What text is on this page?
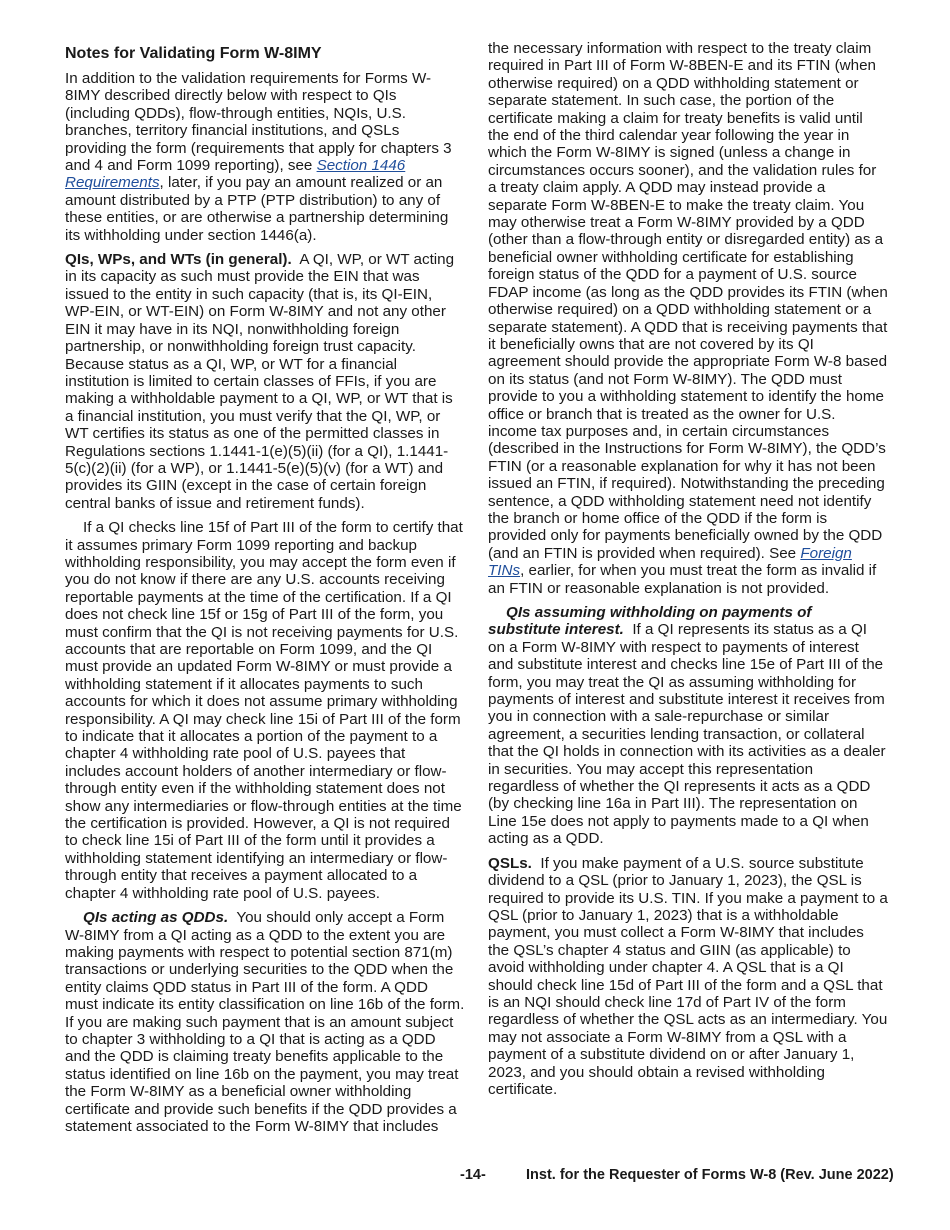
Notes for Validating Form W-8IMY

In addition to the validation requirements for Forms W-8IMY described directly below with respect to QIs (including QDDs), flow-through entities, NQIs, U.S. branches, territory financial institutions, and QSLs providing the form (requirements that apply for chapters 3 and 4 and Form 1099 reporting), see Section 1446 Requirements, later, if you pay an amount realized or an amount distributed by a PTP (PTP distribution) to any of these entities, or are otherwise a partnership determining its withholding under section 1446(a).

QIs, WPs, and WTs (in general). A QI, WP, or WT acting in its capacity as such must provide the EIN that was issued to the entity in such capacity (that is, its QI-EIN, WP-EIN, or WT-EIN) on Form W-8IMY and not any other EIN it may have in its NQI, nonwithholding foreign partnership, or nonwithholding foreign trust capacity. Because status as a QI, WP, or WT for a financial institution is limited to certain classes of FFIs, if you are making a withholdable payment to a QI, WP, or WT that is a financial institution, you must verify that the QI, WP, or WT certifies its status as one of the permitted classes in Regulations sections 1.1441-1(e)(5)(ii) (for a QI), 1.1441-5(c)(2)(ii) (for a WP), or 1.1441-5(e)(5)(v) (for a WT) and provides its GIIN (except in the case of certain foreign central banks of issue and retirement funds).

If a QI checks line 15f of Part III of the form to certify that it assumes primary Form 1099 reporting and backup withholding responsibility, you may accept the form even if you do not know if there are any U.S. accounts receiving reportable payments at the time of the certification. If a QI does not check line 15f or 15g of Part III of the form, you must confirm that the QI is not receiving payments for U.S. accounts that are reportable on Form 1099, and the QI must provide an updated Form W-8IMY or must provide a withholding statement if it allocates payments to such accounts for which it does not assume primary withholding responsibility. A QI may check line 15i of Part III of the form to indicate that it allocates a portion of the payment to a chapter 4 withholding rate pool of U.S. payees that includes account holders of another intermediary or flow-through entity even if the withholding statement does not show any intermediaries or flow-through entities at the time the certification is provided. However, a QI is not required to check line 15i of Part III of the form until it provides a withholding statement identifying an intermediary or flow-through entity that receives a payment allocated to a chapter 4 withholding rate pool of U.S. payees.

QIs acting as QDDs. You should only accept a Form W-8IMY from a QI acting as a QDD to the extent you are making payments with respect to potential section 871(m) transactions or underlying securities to the QDD when the entity claims QDD status in Part III of the form. A QDD must indicate its entity classification on line 16b of the form. If you are making such payment that is an amount subject to chapter 3 withholding to a QI that is acting as a QDD and the QDD is claiming treaty benefits applicable to the status identified on line 16b on the payment, you may treat the Form W-8IMY as a beneficial owner withholding certificate and provide such benefits if the QDD provides a statement associated to the Form W-8IMY that includes

the necessary information with respect to the treaty claim required in Part III of Form W-8BEN-E and its FTIN (when otherwise required) on a QDD withholding statement or separate statement. In such case, the portion of the certificate making a claim for treaty benefits is valid until the end of the third calendar year following the year in which the Form W-8IMY is signed (unless a change in circumstances occurs sooner), and the validation rules for a treaty claim apply. A QDD may instead provide a separate Form W-8BEN-E to make the treaty claim. You may otherwise treat a Form W-8IMY provided by a QDD (other than a flow-through entity or disregarded entity) as a beneficial owner withholding certificate for establishing foreign status of the QDD for a payment of U.S. source FDAP income (as long as the QDD provides its FTIN (when otherwise required) on a QDD withholding statement or a separate statement). A QDD that is receiving payments that it beneficially owns that are not covered by its QI agreement should provide the appropriate Form W-8 based on its status (and not Form W-8IMY). The QDD must provide to you a withholding statement to identify the home office or branch that is treated as the owner for U.S. income tax purposes and, in certain circumstances (described in the Instructions for Form W-8IMY), the QDD’s FTIN (or a reasonable explanation for why it has not been issued an FTIN, if required). Notwithstanding the preceding sentence, a QDD withholding statement need not identify the branch or home office of the QDD if the form is provided only for payments beneficially owned by the QDD (and an FTIN is provided when required). See Foreign TINs, earlier, for when you must treat the form as invalid if an FTIN or reasonable explanation is not provided.

QIs assuming withholding on payments of substitute interest. If a QI represents its status as a QI on a Form W-8IMY with respect to payments of interest and substitute interest and checks line 15e of Part III of the form, you may treat the QI as assuming withholding for payments of interest and substitute interest it receives from you in connection with a sale-repurchase or similar agreement, a securities lending transaction, or collateral that the QI holds in connection with its activities as a dealer in securities. You may accept this representation regardless of whether the QI represents it acts as a QDD (by checking line 16a in Part III). The representation on Line 15e does not apply to payments made to a QI when acting as a QDD.

QSLs. If you make payment of a U.S. source substitute dividend to a QSL (prior to January 1, 2023), the QSL is required to provide its U.S. TIN. If you make a payment to a QSL (prior to January 1, 2023) that is a withholdable payment, you must collect a Form W-8IMY that includes the QSL’s chapter 4 status and GIIN (as applicable) to avoid withholding under chapter 4. A QSL that is a QI should check line 15d of Part III of the form and a QSL that is an NQI should check line 17d of Part IV of the form regardless of whether the QSL acts as an intermediary. You may not associate a Form W-8IMY from a QSL with a payment of a substitute dividend on or after January 1, 2023, and you should obtain a revised withholding certificate.

-14-	Inst. for the Requester of Forms W-8 (Rev. June 2022)
